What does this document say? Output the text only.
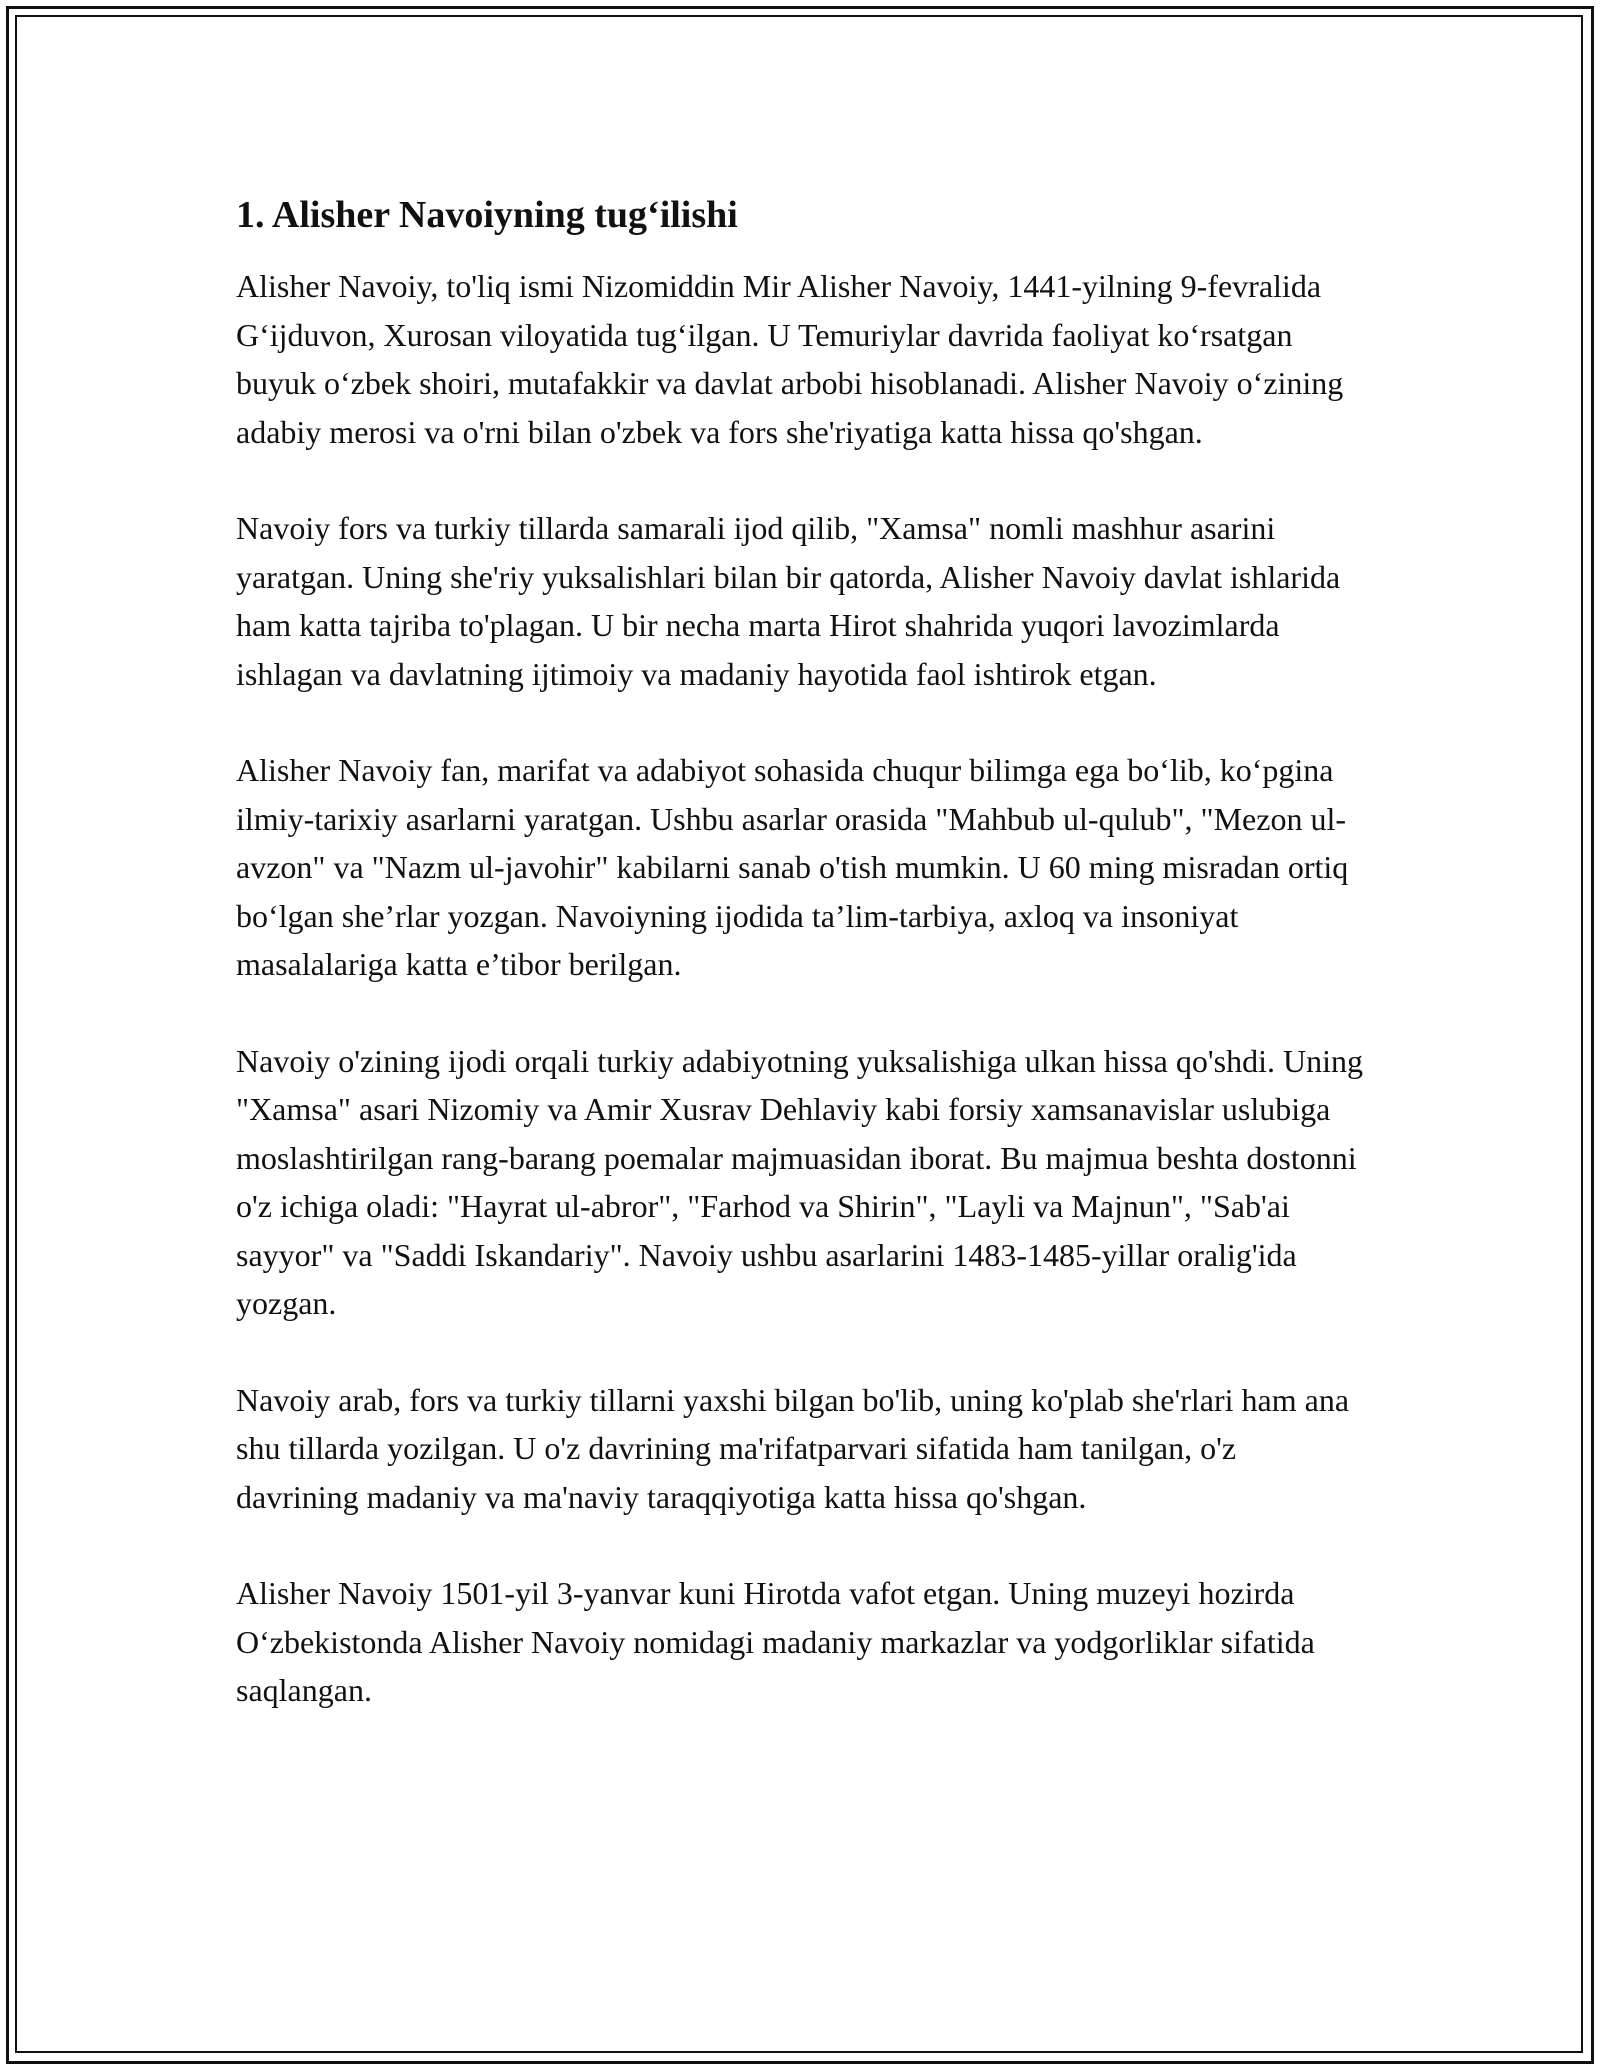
1. Alisher Navoiyning tug‘ilishi

Alisher Navoiy, to'liq ismi Nizomiddin Mir Alisher Navoiy, 1441-yilning 9-fevralida G‘ijduvon, Xurosan viloyatida tug‘ilgan. U Temuriylar davrida faoliyat ko‘rsatgan buyuk o‘zbek shoiri, mutafakkir va davlat arbobi hisoblanadi. Alisher Navoiy o‘zining adabiy merosi va o'rni bilan o'zbek va fors she'riyatiga katta hissa qo'shgan.

Navoiy fors va turkiy tillarda samarali ijod qilib, "Xamsa" nomli mashhur asarini yaratgan. Uning she'riy yuksalishlari bilan bir qatorda, Alisher Navoiy davlat ishlarida ham katta tajriba to'plagan. U bir necha marta Hirot shahrida yuqori lavozimlarda ishlagan va davlatning ijtimoiy va madaniy hayotida faol ishtirok etgan.

Alisher Navoiy fan, marifat va adabiyot sohasida chuqur bilimga ega bo‘lib, ko‘pgina ilmiy-tarixiy asarlarni yaratgan. Ushbu asarlar orasida "Mahbub ul-qulub", "Mezon ul-avzon" va "Nazm ul-javohir" kabilarni sanab o'tish mumkin. U 60 ming misradan ortiq bo‘lgan she’rlar yozgan. Navoiyning ijodida ta’lim-tarbiya, axloq va insoniyat masalalariga katta e’tibor berilgan.

Navoiy o'zining ijodi orqali turkiy adabiyotning yuksalishiga ulkan hissa qo'shdi. Uning "Xamsa" asari Nizomiy va Amir Xusrav Dehlaviy kabi forsiy xamsanavislar uslubiga moslashtirilgan rang-barang poemalar majmuasidan iborat. Bu majmua beshta dostonni o'z ichiga oladi: "Hayrat ul-abror", "Farhod va Shirin", "Layli va Majnun", "Sab'ai sayyor" va "Saddi Iskandariy". Navoiy ushbu asarlarini 1483-1485-yillar oralig'ida yozgan.

Navoiy arab, fors va turkiy tillarni yaxshi bilgan bo'lib, uning ko'plab she'rlari ham ana shu tillarda yozilgan. U o'z davrining ma'rifatparvari sifatida ham tanilgan, o'z davrining madaniy va ma'naviy taraqqiyotiga katta hissa qo'shgan.

Alisher Navoiy 1501-yil 3-yanvar kuni Hirotda vafot etgan. Uning muzeyi hozirda O‘zbekistonda Alisher Navoiy nomidagi madaniy markazlar va yodgorliklar sifatida saqlangan.
